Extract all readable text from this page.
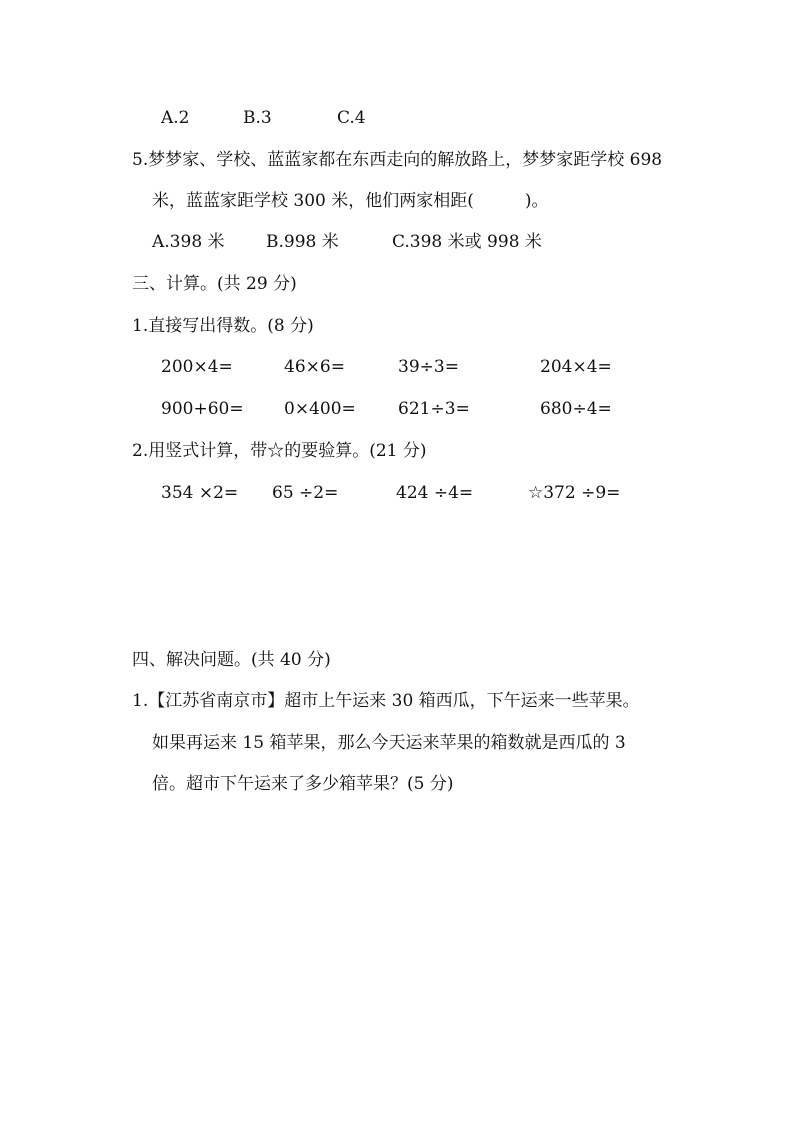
A.2	B.3	C.4
5.梦梦家、学校、蓝蓝家都在东西走向的解放路上，梦梦家距学校 698
米，蓝蓝家距学校 300 米，他们两家相距(　　　)。
A.398 米 B.998 米	C.398 米或 998 米
三、计算。(共 29 分)
1.直接写出得数。(8 分)
200×4=	46×6=	39÷3=	204×4=
900+60= 0×400= 621÷3=	680÷4=
2.用竖式计算，带☆的要验算。(21 分)
354 ×2= 65 ÷2=	424 ÷4=	☆372 ÷9=
四、解决问题。(共 40 分)
1.【江苏省南京市】超市上午运来 30 箱西瓜，下午运来一些苹果。
如果再运来 15 箱苹果，那么今天运来苹果的箱数就是西瓜的 3
倍。超市下午运来了多少箱苹果？(5 分)
